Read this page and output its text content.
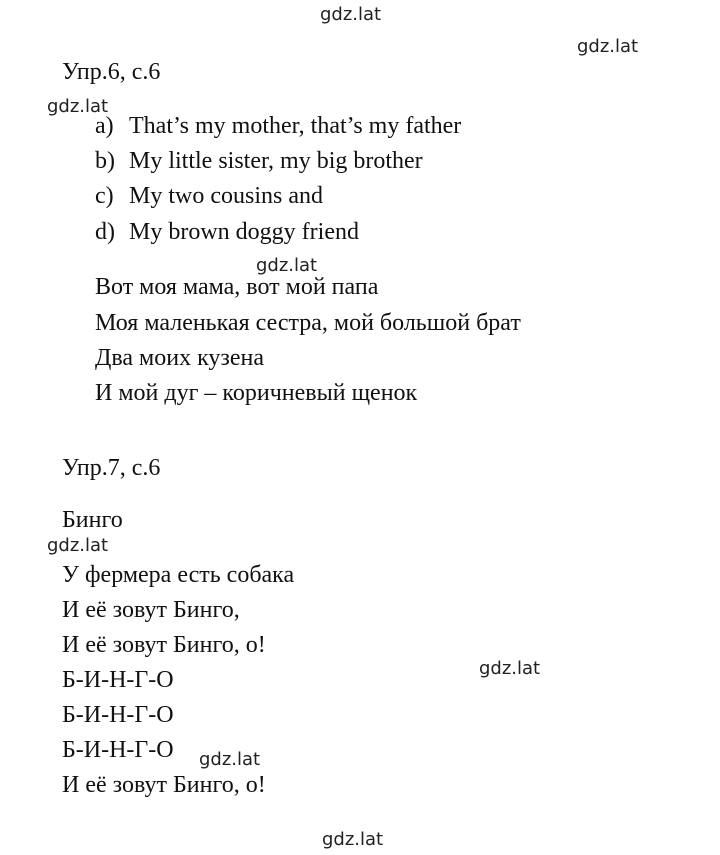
gdz.lat
gdz.lat
gdz.lat
gdz.lat
gdz.lat
gdz.lat
gdz.lat
gdz.lat
Упр.6, с.6
a) That’s my mother, that’s my father
b) My little sister, my big brother
c) My two cousins and
d) My brown doggy friend
Вот моя мама, вот мой папа
Моя маленькая сестра, мой большой брат
Два моих кузена
И мой дуг – коричневый щенок
Упр.7, с.6
Бинго
У фермера есть собака
И её зовут Бинго,
И её зовут Бинго, о!
Б-И-Н-Г-О
Б-И-Н-Г-О
Б-И-Н-Г-О
И её зовут Бинго, о!
